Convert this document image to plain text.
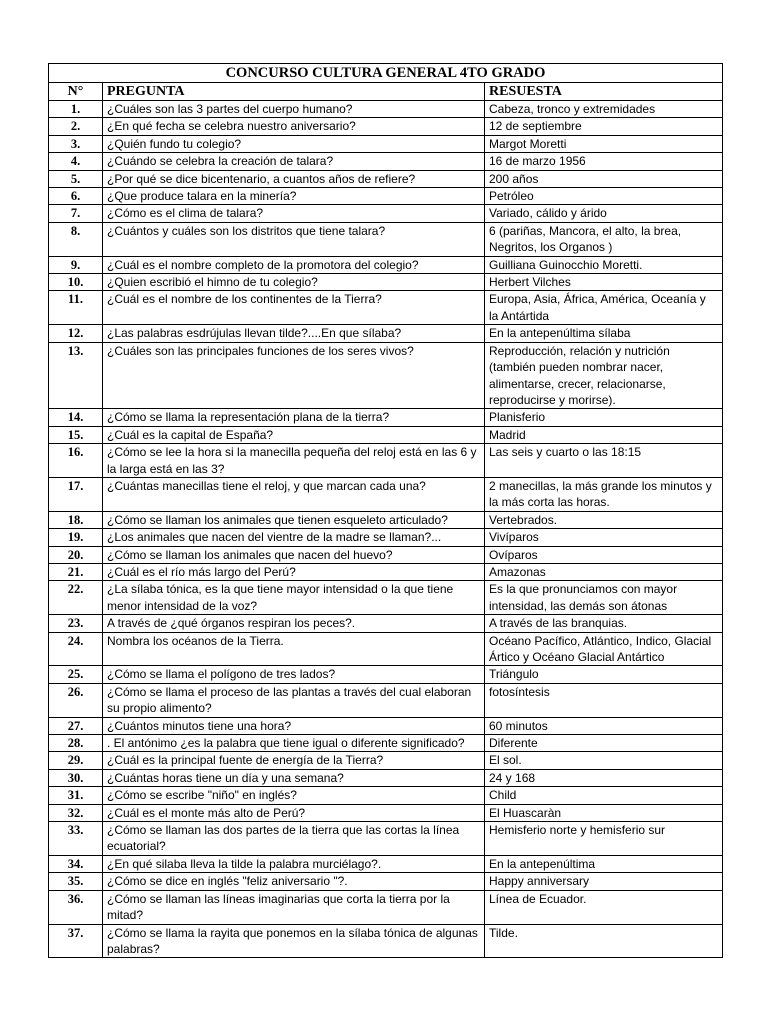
CONCURSO CULTURA GENERAL 4TO GRADO		
N°	PREGUNTA	RESUESTA
1.	¿Cuáles son las 3 partes del cuerpo humano?	Cabeza, tronco y extremidades
2.	¿En qué fecha se celebra nuestro aniversario?	12 de septiembre
3.	¿Quién fundo tu colegio?	Margot Moretti
4.	¿Cuándo se celebra la creación de talara?	16 de marzo 1956
5.	¿Por qué se dice bicentenario, a cuantos años de refiere?	200 años
6.	¿Que produce talara en la minería?	Petróleo
7.	¿Cómo es el clima de talara?	Variado, cálido y árido
8.	¿Cuántos y cuáles son los distritos que tiene talara?	6 (pariñas, Mancora, el alto, la brea, Negritos, los Organos )
9.	¿Cuál es el nombre completo de la promotora del colegio?	Guilliana Guinocchio Moretti.
10.	¿Quien escribió el himno de tu colegio?	Herbert Vilches
11.	¿Cuál es el nombre de los continentes de la Tierra?	Europa, Asia, África, América, Oceanía y la Antártida
12.	¿Las palabras esdrújulas llevan tilde?....En que sílaba?	En la antepenúltima sílaba
13.	¿Cuáles son las principales funciones de los seres vivos?	Reproducción, relación y nutrición (también pueden nombrar nacer, alimentarse, crecer, relacionarse, reproducirse y morirse).
14.	¿Cómo se llama la representación plana de la tierra?	Planisferio
15.	¿Cuál es la capital de España?	Madrid
16.	¿Cómo se lee la hora si la manecilla pequeña del reloj está en las 6 y la larga está en las 3?	Las seis y cuarto o las 18:15
17.	¿Cuántas manecillas tiene el reloj, y que marcan cada una?	2 manecillas, la más grande los minutos y la más corta las horas.
18.	¿Cómo se llaman los animales que tienen esqueleto articulado?	Vertebrados.
19.	¿Los animales que nacen del vientre de la madre se llaman?...	Vivíparos
20.	¿Cómo se llaman los animales que nacen del huevo?	Ovíparos
21.	¿Cuál es el río más largo del Perú?	Amazonas
22.	¿La sílaba tónica, es la que tiene mayor intensidad o la que tiene menor intensidad de la voz?	Es la que pronunciamos con mayor intensidad, las demás son átonas
23.	A través de ¿qué órganos respiran los peces?.	A través de las branquias.
24.	Nombra los océanos de la Tierra.	Océano Pacífico, Atlántico, Indico, Glacial Ártico y Océano Glacial Antártico
25.	¿Cómo se llama el polígono de tres lados?	Triángulo
26.	¿Cómo se llama el proceso de las plantas a través del cual elaboran su propio alimento?	fotosíntesis
27.	¿Cuántos minutos tiene una hora?	60 minutos
28.	. El antónimo ¿es la palabra que tiene igual o diferente significado?	Diferente
29.	¿Cuál es la principal fuente de energía de la Tierra?	El sol.
30.	¿Cuántas horas tiene un día y una semana?	24 y 168
31.	¿Cómo se escribe "niño" en inglés?	Child
32.	¿Cuál es el monte más alto de Perú?	El Huascaràn
33.	¿Cómo se llaman las dos partes de la tierra que las cortas la línea ecuatorial?	Hemisferio norte y hemisferio sur
34.	¿En qué silaba lleva la tilde la palabra murciélago?.	En la antepenúltima
35.	¿Cómo se dice en inglés "feliz aniversario "?.	Happy anniversary
36.	¿Cómo se llaman las líneas imaginarias que corta la tierra por la mitad?	Línea de Ecuador.
37.	¿Cómo se llama la rayita que ponemos en la sílaba tónica de algunas palabras?	Tilde.
